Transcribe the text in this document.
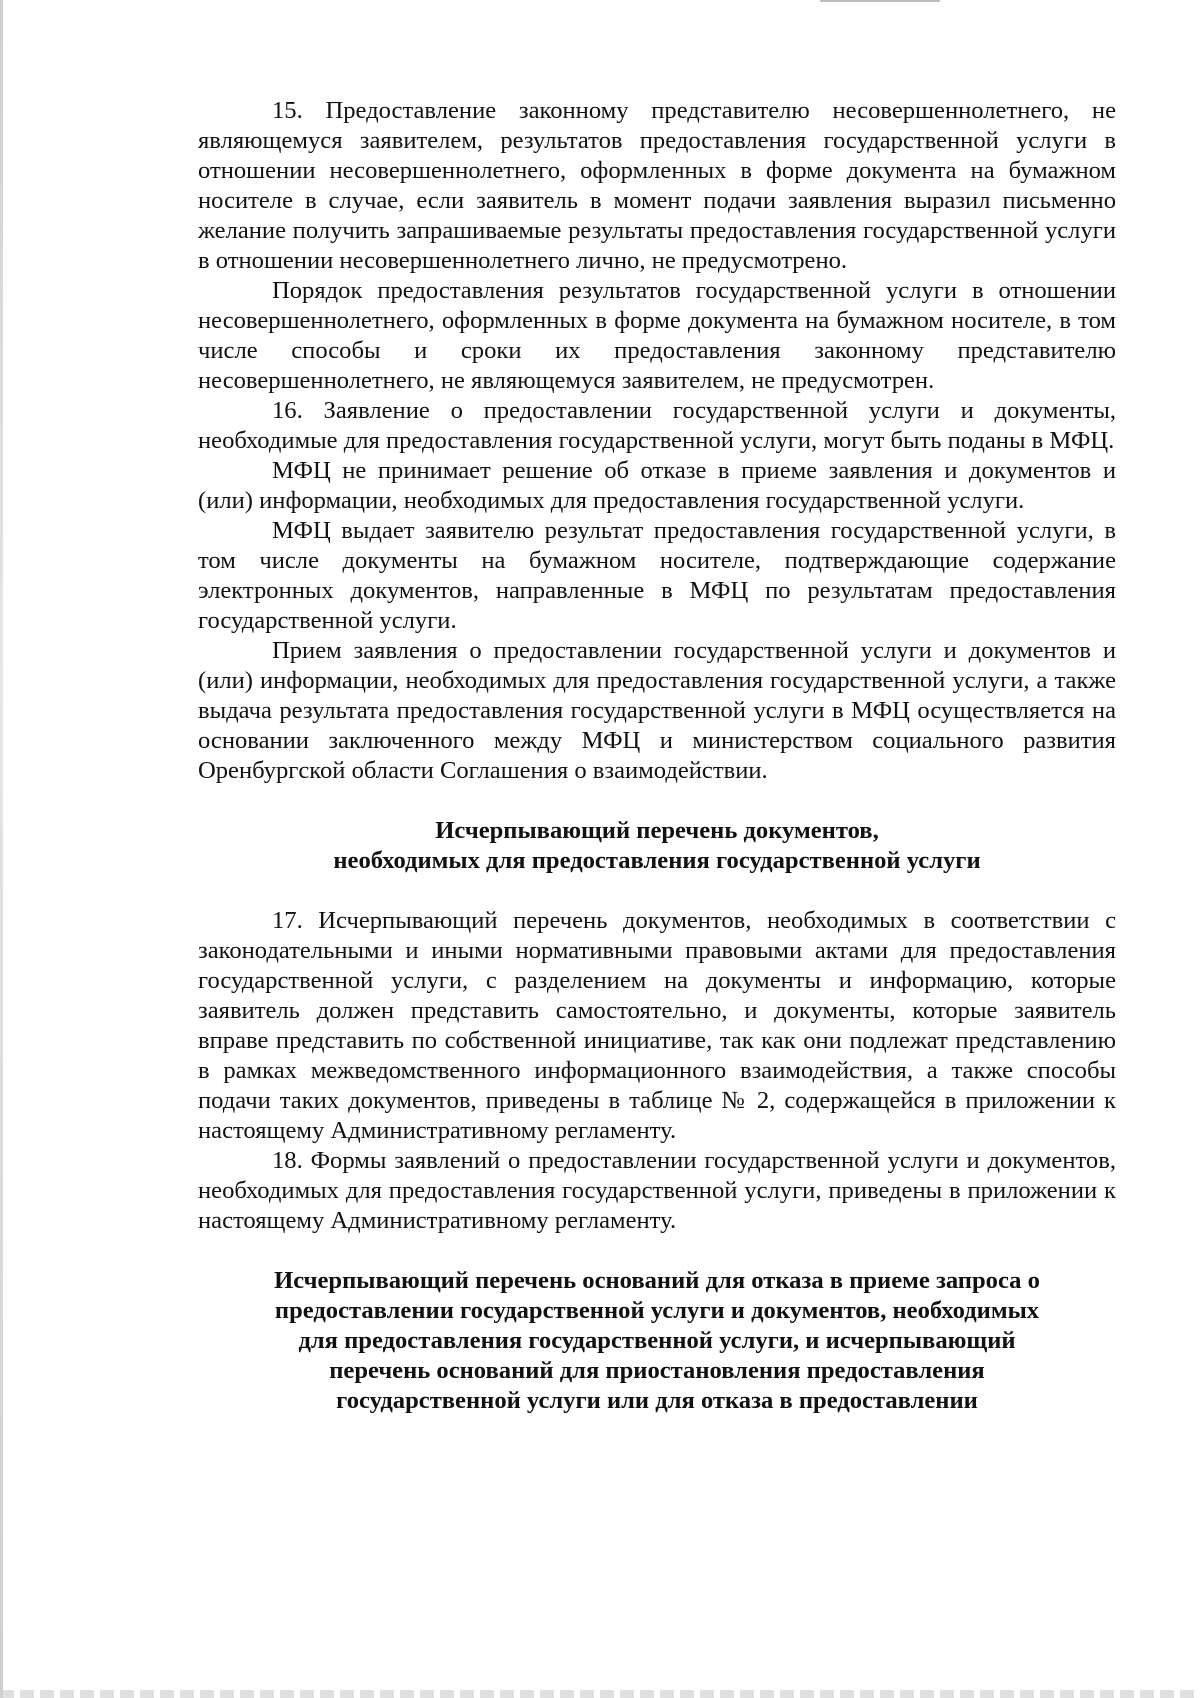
15. Предоставление законному представителю несовершеннолетнего, не являющемуся заявителем, результатов предоставления государственной услуги в отношении несовершеннолетнего, оформленных в форме документа на бумажном носителе в случае, если заявитель в момент подачи заявления выразил письменно желание получить запрашиваемые результаты предоставления государственной услуги в отношении несовершеннолетнего лично, не предусмотрено.

Порядок предоставления результатов государственной услуги в отношении несовершеннолетнего, оформленных в форме документа на бумажном носителе, в том числе способы и сроки их предоставления законному представителю несовершеннолетнего, не являющемуся заявителем, не предусмотрен.

16. Заявление о предоставлении государственной услуги и документы, необходимые для предоставления государственной услуги, могут быть поданы в МФЦ.

МФЦ не принимает решение об отказе в приеме заявления и документов и (или) информации, необходимых для предоставления государственной услуги.

МФЦ выдает заявителю результат предоставления государственной услуги, в том числе документы на бумажном носителе, подтверждающие содержание электронных документов, направленные в МФЦ по результатам предоставления государственной услуги.

Прием заявления о предоставлении государственной услуги и документов и (или) информации, необходимых для предоставления государственной услуги, а также выдача результата предоставления государственной услуги в МФЦ осуществляется на основании заключенного между МФЦ и министерством социального развития Оренбургской области Соглашения о взаимодействии.

Исчерпывающий перечень документов,
необходимых для предоставления государственной услуги

17. Исчерпывающий перечень документов, необходимых в соответствии с законодательными и иными нормативными правовыми актами для предоставления государственной услуги, с разделением на документы и информацию, которые заявитель должен представить самостоятельно, и документы, которые заявитель вправе представить по собственной инициативе, так как они подлежат представлению в рамках межведомственного информационного взаимодействия, а также способы подачи таких документов, приведены в таблице № 2, содержащейся в приложении к настоящему Административному регламенту.

18. Формы заявлений о предоставлении государственной услуги и документов, необходимых для предоставления государственной услуги, приведены в приложении к настоящему Административному регламенту.

Исчерпывающий перечень оснований для отказа в приеме запроса о
предоставлении государственной услуги и документов, необходимых
для предоставления государственной услуги, и исчерпывающий
перечень оснований для приостановления предоставления
государственной услуги или для отказа в предоставлении
